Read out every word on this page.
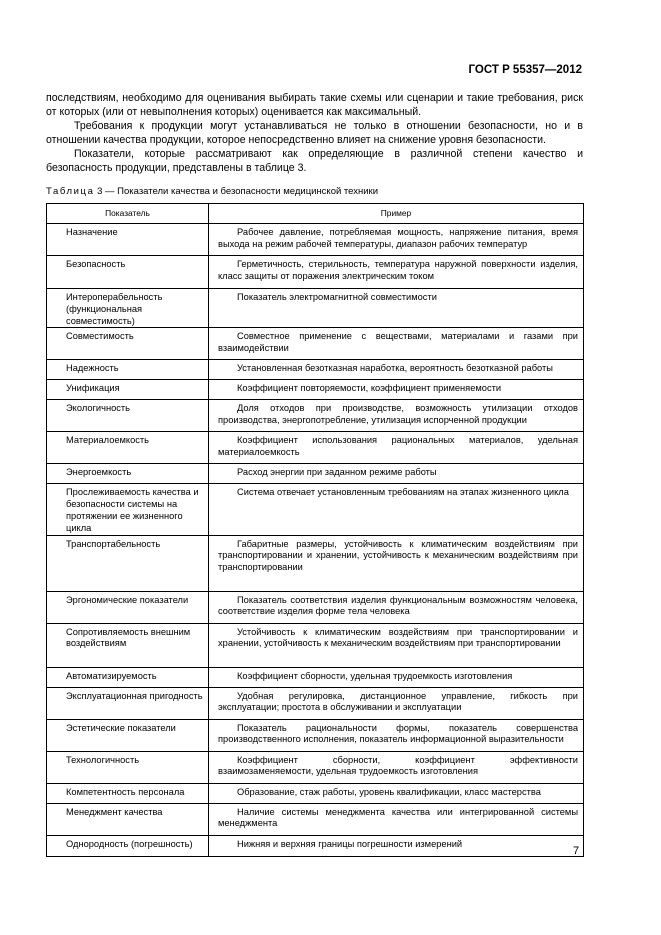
ГОСТ Р 55357—2012

последствиям, необходимо для оценивания выбирать такие схемы или сценарии и такие требования, риск от которых (или от невыполнения которых) оценивается как максимальный.

Требования к продукции могут устанавливаться не только в отношении безопасности, но и в отношении качества продукции, которое непосредственно влияет на снижение уровня безопасности.

Показатели, которые рассматривают как определяющие в различной степени качество и безопасность продукции, представлены в таблице 3.

Таблица 3 — Показатели качества и безопасности медицинской техники
Показатель	Пример
Назначение	Рабочее давление, потребляемая мощность, напряжение питания, время выхода на режим рабочей температуры, диапазон рабочих температур

Безопасность	Герметичность, стерильность, температура наружной поверхности изделия, класс защиты от поражения электрическим током

Интероперабельность (функциональная совместимость)	Показатель электромагнитной совместимости

Совместимость	Совместное применение с веществами, материалами и газами при взаимодействии

Надежность	Установленная безотказная наработка, вероятность безотказной работы

Унификация	Коэффициент повторяемости, коэффициент применяемости

Экологичность	Доля отходов при производстве, возможность утилизации отходов производства, энергопотребление, утилизация испорченной продукции

Материалоемкость	Коэффициент использования рациональных материалов, удельная материалоемкость

Энергоемкость	Расход энергии при заданном режиме работы

Прослеживаемость качества и безопасности системы на протяжении ее жизненного цикла	Система отвечает установленным требованиям на этапах жизненного цикла

Транспортабельность	Габаритные размеры, устойчивость к климатическим воздействиям при транспортировании и хранении, устойчивость к механическим воздействиям при транспортировании

Эргономические показатели	Показатель соответствия изделия функциональным возможностям человека, соответствие изделия форме тела человека

Сопротивляемость внешним воздействиям	Устойчивость к климатическим воздействиям при транспортировании и хранении, устойчивость к механическим воздействиям при транспортировании

Автоматизируемость	Коэффициент сборности, удельная трудоемкость изготовления

Эксплуатационная пригодность	Удобная регулировка, дистанционное управление, гибкость при эксплуатации; простота в обслуживании и эксплуатации

Эстетические показатели	Показатель рациональности формы, показатель совершенства производственного исполнения, показатель информационной выразительности

Технологичность	Коэффициент сборности, коэффициент эффективности взаимозаменяемости, удельная трудоемкость изготовления

Компетентность персонала	Образование, стаж работы, уровень квалификации, класс мастерства

Менеджмент качества	Наличие системы менеджмента качества или интегрированной системы менеджмента

Однородность (погрешность)	Нижняя и верхняя границы погрешности измерений
7
